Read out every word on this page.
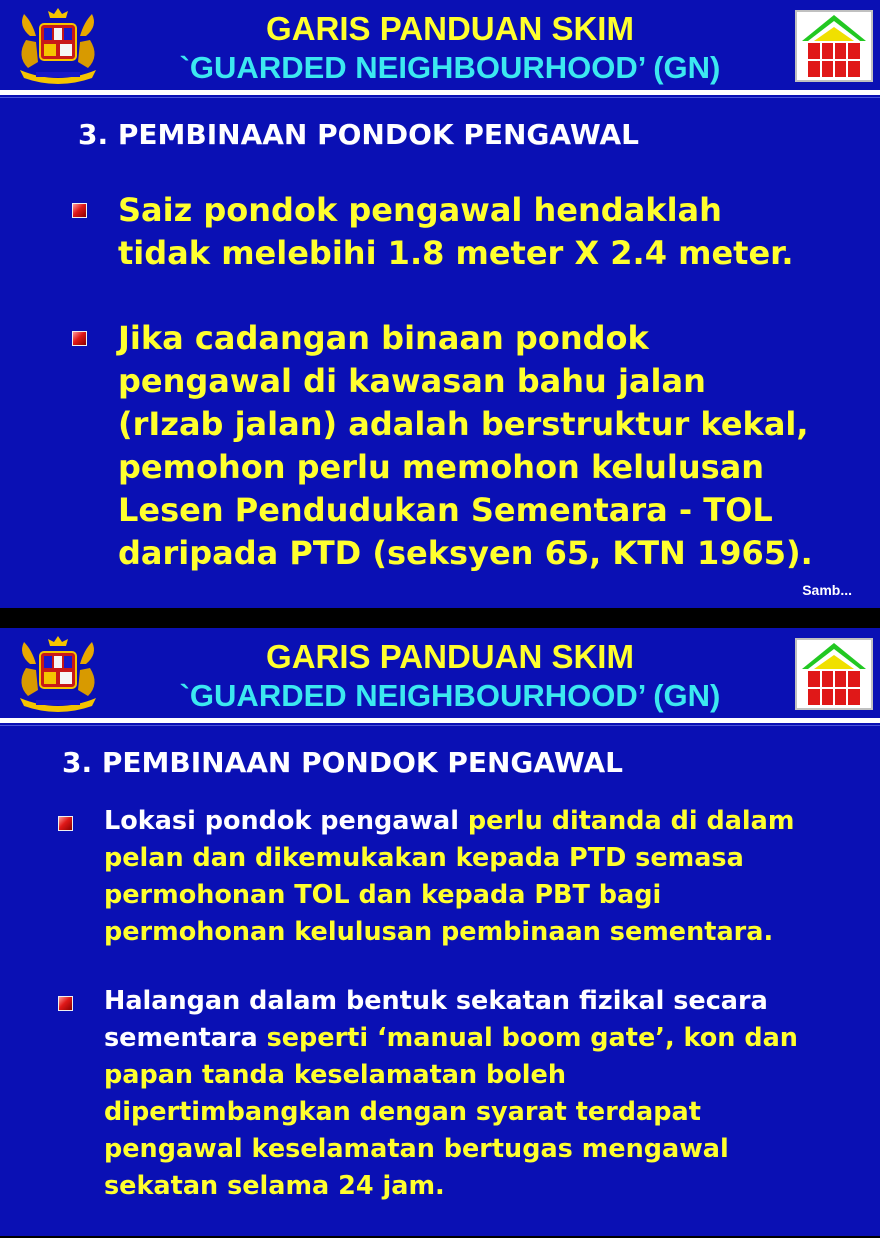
GARIS PANDUAN SKIM
`GUARDED NEIGHBOURHOOD’ (GN)
3. PEMBINAAN PONDOK PENGAWAL
Saiz pondok pengawal hendaklah
tidak melebihi 1.8 meter X 2.4 meter.
Jika cadangan binaan pondok
pengawal di kawasan bahu jalan
(rIzab jalan) adalah berstruktur kekal,
pemohon perlu memohon kelulusan
Lesen Pendudukan Sementara - TOL
daripada PTD (seksyen 65, KTN 1965).
Samb...
GARIS PANDUAN SKIM
`GUARDED NEIGHBOURHOOD’ (GN)
3. PEMBINAAN PONDOK PENGAWAL
Lokasi pondok pengawal perlu ditanda di dalam
pelan dan dikemukakan kepada PTD semasa
permohonan TOL dan kepada PBT bagi
permohonan kelulusan pembinaan sementara.
Halangan dalam bentuk sekatan fizikal secara
sementara seperti ‘manual boom gate’, kon dan
papan tanda keselamatan boleh
dipertimbangkan dengan syarat terdapat
pengawal keselamatan bertugas mengawal
sekatan selama 24 jam.
